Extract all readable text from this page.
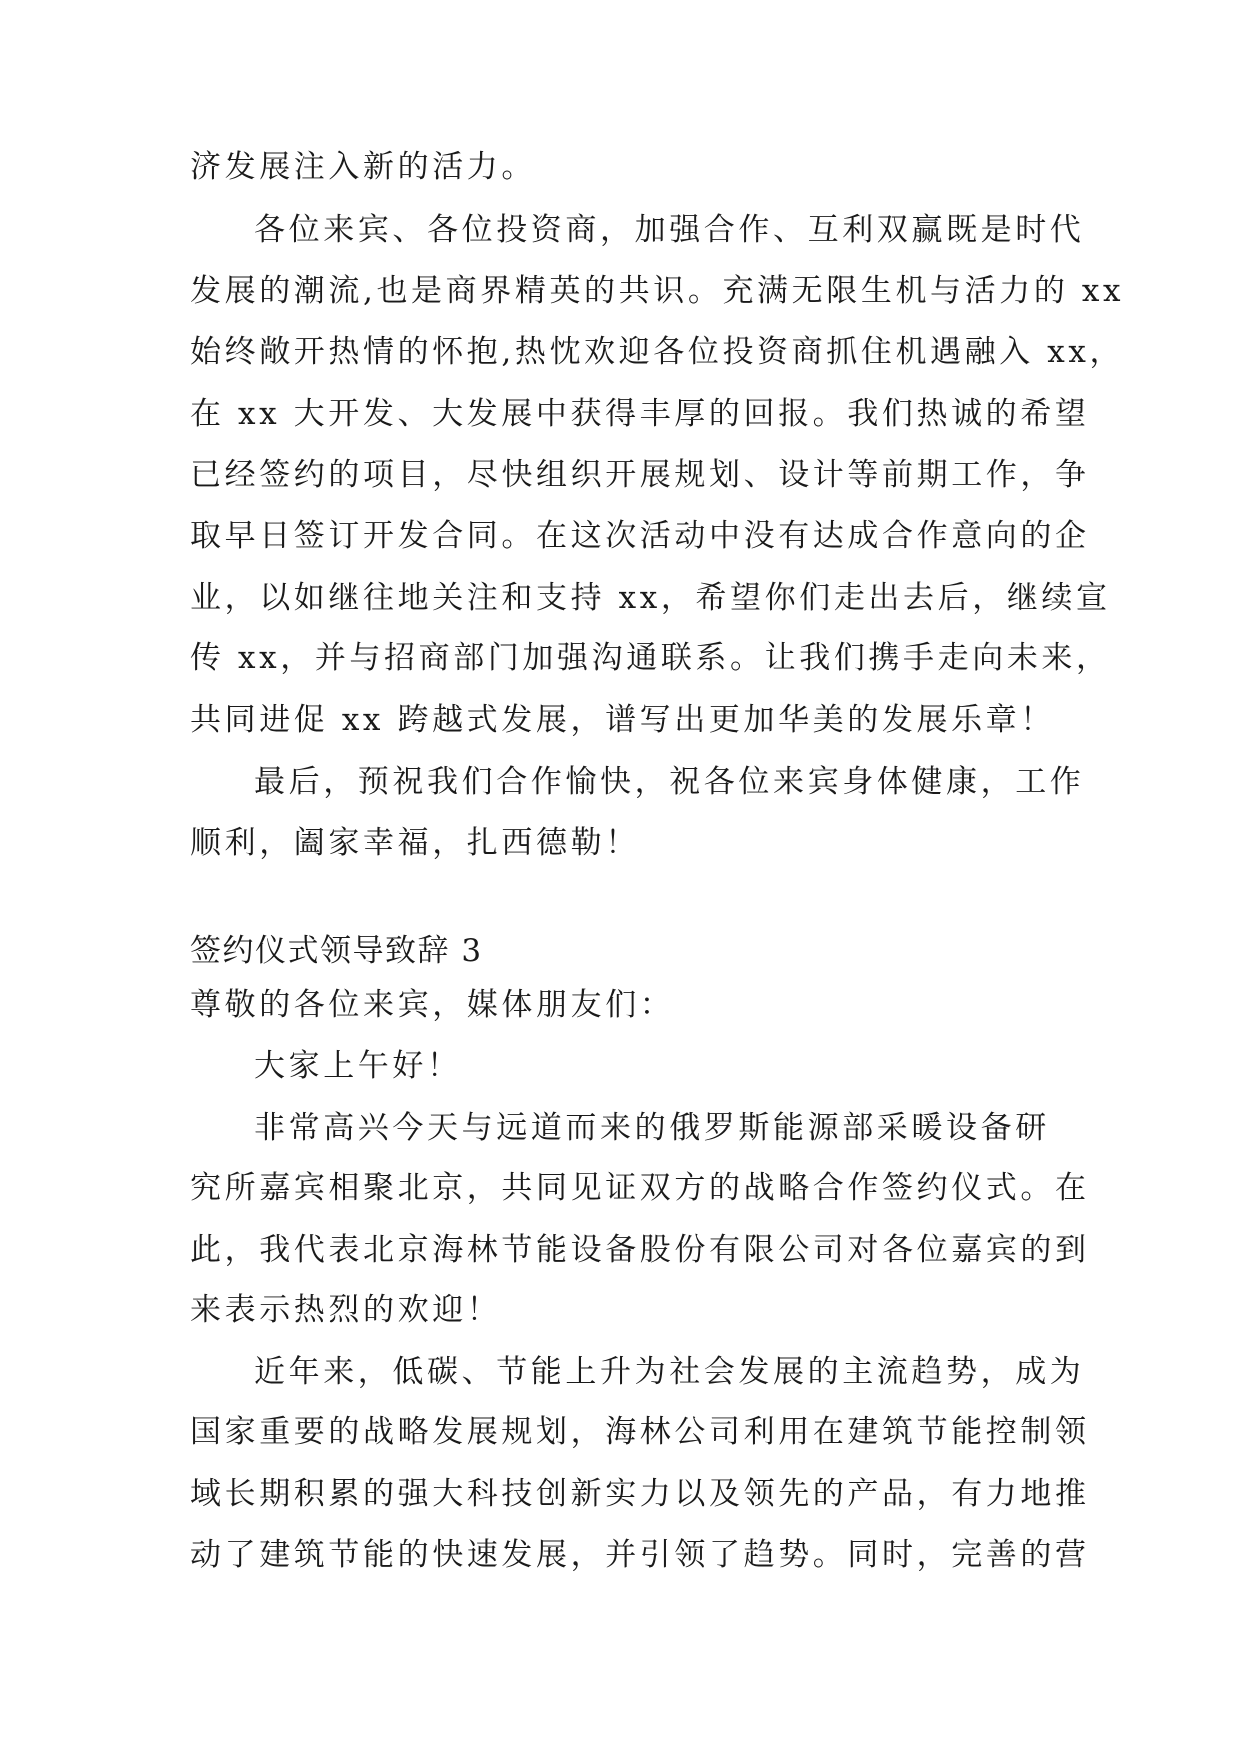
济发展注入新的活力。
各位来宾、各位投资商，加强合作、互利双赢既是时代
发展的潮流,也是商界精英的共识。充满无限生机与活力的 xx
始终敞开热情的怀抱,热忱欢迎各位投资商抓住机遇融入 xx，
在 xx 大开发、大发展中获得丰厚的回报。我们热诚的希望
已经签约的项目，尽快组织开展规划、设计等前期工作，争
取早日签订开发合同。在这次活动中没有达成合作意向的企
业，以如继往地关注和支持 xx，希望你们走出去后，继续宣
传 xx，并与招商部门加强沟通联系。让我们携手走向未来，
共同进促 xx 跨越式发展，谱写出更加华美的发展乐章！
最后，预祝我们合作愉快，祝各位来宾身体健康，工作
顺利，阖家幸福，扎西德勒！
签约仪式领导致辞 3
尊敬的各位来宾，媒体朋友们：
大家上午好！
非常高兴今天与远道而来的俄罗斯能源部采暖设备研
究所嘉宾相聚北京，共同见证双方的战略合作签约仪式。在
此，我代表北京海林节能设备股份有限公司对各位嘉宾的到
来表示热烈的欢迎！
近年来，低碳、节能上升为社会发展的主流趋势，成为
国家重要的战略发展规划，海林公司利用在建筑节能控制领
域长期积累的强大科技创新实力以及领先的产品，有力地推
动了建筑节能的快速发展，并引领了趋势。同时，完善的营
